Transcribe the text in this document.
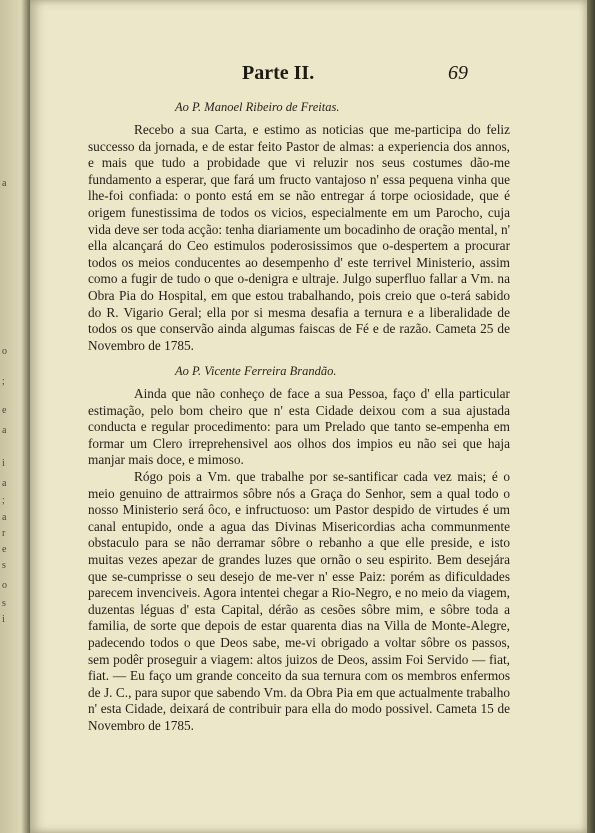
a
o
;
e
a
i
a
;
a
r
e
s
o
s
i
Parte II.	69
Ao P. Manoel Ribeiro de Freitas.

Recebo a sua Carta, e estimo as noticias que me-participa do feliz successo da jornada, e de estar feito Pastor de almas: a experiencia dos annos, e mais que tudo a probidade que vi reluzir nos seus costumes dão-me fundamento a esperar, que fará um fructo vantajoso n' essa pequena vinha que lhe-foi confiada: o ponto está em se não entregar á torpe ociosidade, que é origem funestissima de todos os vicios, especialmente em um Parocho, cuja vida deve ser toda acção: tenha diariamente um bocadinho de oração mental, n' ella alcançará do Ceo estimulos poderosissimos que o-despertem a procurar todos os meios conducentes ao desempenho d' este terrivel Ministerio, assim como a fugir de tudo o que o-denigra e ultraje. Julgo superfluo fallar a Vm. na Obra Pia do Hospital, em que estou trabalhando, pois creio que o-terá sabido do R. Vigario Geral; ella por si mesma desafia a ternura e a liberalidade de todos os que conservão ainda algumas faiscas de Fé e de razão. Cameta 25 de Novembro de 1785.

Ao P. Vicente Ferreira Brandão.

Ainda que não conheço de face a sua Pessoa, faço d' ella particular estimação, pelo bom cheiro que n' esta Cidade deixou com a sua ajustada conducta e regular procedimento: para um Prelado que tanto se-empenha em formar um Clero irreprehensivel aos olhos dos impios eu não sei que haja manjar mais doce, e mimoso.

Rógo pois a Vm. que trabalhe por se-santificar cada vez mais; é o meio genuino de attrairmos sôbre nós a Graça do Senhor, sem a qual todo o nosso Ministerio será ôco, e infructuoso: um Pastor despido de virtudes é um canal entupido, onde a agua das Divinas Misericordias acha communmente obstaculo para se não derramar sôbre o rebanho a que elle preside, e isto muitas vezes apezar de grandes luzes que ornão o seu espirito. Bem desejára que se-cumprisse o seu desejo de me-ver n' esse Paiz: porém as dificuldades parecem invenciveis. Agora intentei chegar a Rio-Negro, e no meio da viagem, duzentas léguas d' esta Capital, dérão as cesões sôbre mim, e sôbre toda a familia, de sorte que depois de estar quarenta dias na Villa de Monte-Alegre, padecendo todos o que Deos sabe, me-vi obrigado a voltar sôbre os passos, sem podêr proseguir a viagem: altos juizos de Deos, assim Foi Servido — fiat, fiat. — Eu faço um grande conceito da sua ternura com os membros enfermos de J. C., para supor que sabendo Vm. da Obra Pia em que actualmente trabalho n' esta Cidade, deixará de contribuir para ella do modo possivel. Cameta 15 de Novembro de 1785.
